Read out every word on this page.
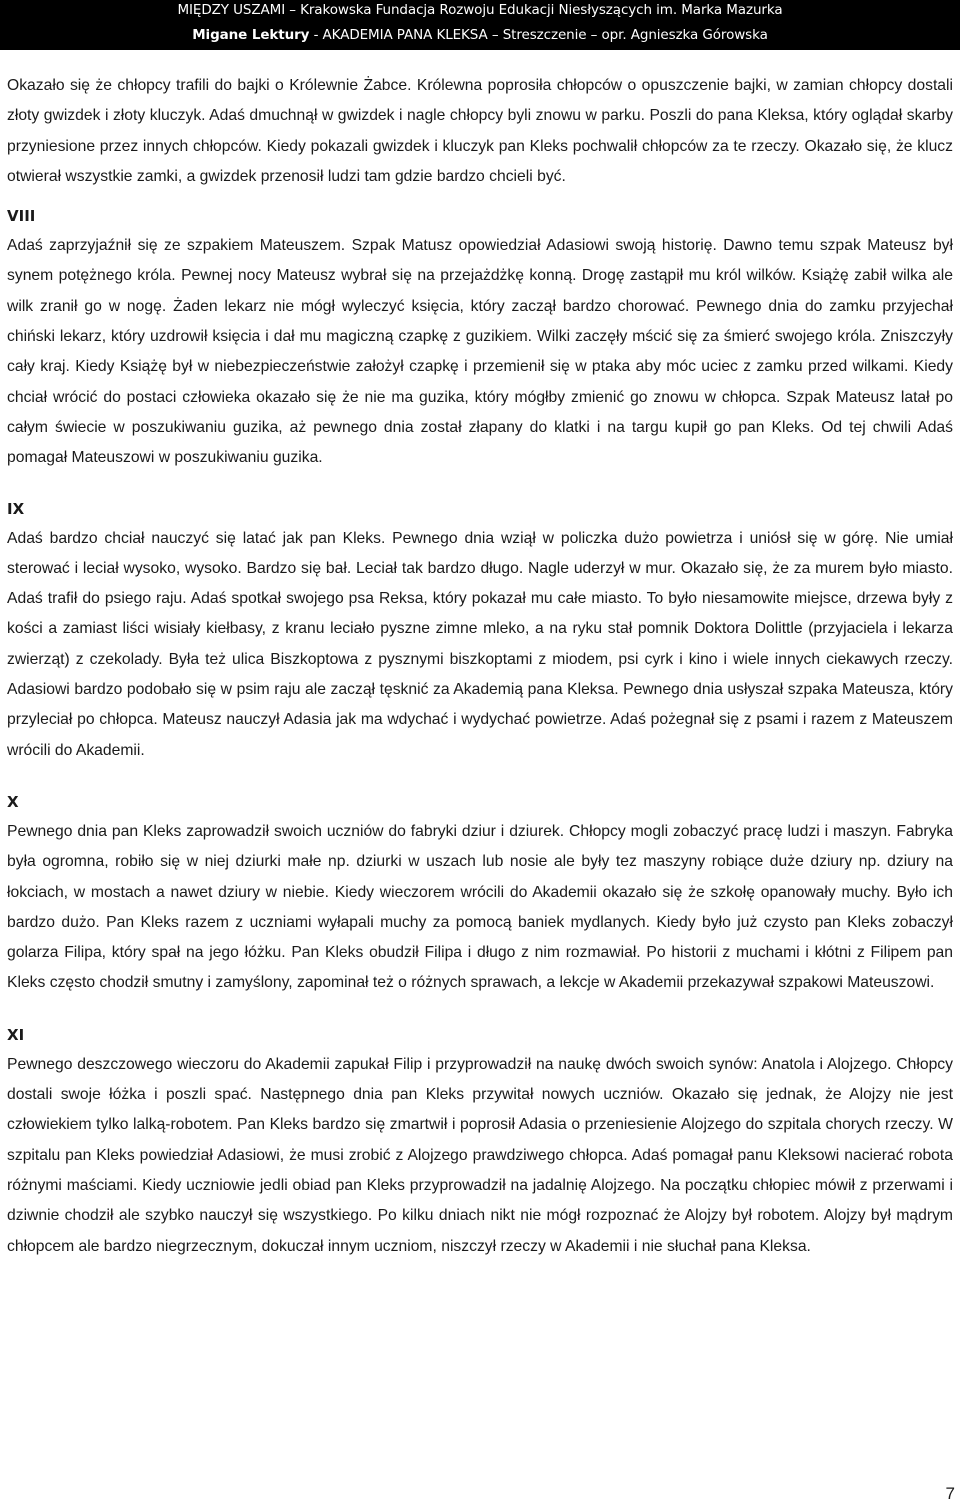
MIĘDZY USZAMI – Krakowska Fundacja Rozwoju Edukacji Niesłyszących im. Marka Mazurka
Migane Lektury - AKADEMIA PANA KLEKSA – Streszczenie – opr. Agnieszka Górowska

Okazało się że chłopcy trafili do bajki o Królewnie Żabce. Królewna poprosiła chłopców o opuszczenie bajki, w zamian chłopcy dostali złoty gwizdek i złoty kluczyk. Adaś dmuchnął w gwizdek i nagle chłopcy byli znowu w parku. Poszli do pana Kleksa, który oglądał skarby przyniesione przez innych chłopców. Kiedy pokazali gwizdek i kluczyk pan Kleks pochwalił chłopców za te rzeczy. Okazało się, że klucz otwierał wszystkie zamki, a gwizdek przenosił ludzi tam gdzie bardzo chcieli być.

VIII

Adaś zaprzyjaźnił się ze szpakiem Mateuszem. Szpak Matusz opowiedział Adasiowi swoją historię. Dawno temu szpak Mateusz był synem potężnego króla. Pewnej nocy Mateusz wybrał się na przejażdżkę konną. Drogę zastąpił mu król wilków. Książę zabił wilka ale wilk zranił go w nogę. Żaden lekarz nie mógł wyleczyć księcia, który zaczął bardzo chorować. Pewnego dnia do zamku przyjechał chiński lekarz, który uzdrowił księcia i dał mu magiczną czapkę z guzikiem. Wilki zaczęły mścić się za śmierć swojego króla. Zniszczyły cały kraj. Kiedy Książę był w niebezpieczeństwie założył czapkę i przemienił się w ptaka aby móc uciec z zamku przed wilkami. Kiedy chciał wrócić do postaci człowieka okazało się że nie ma guzika, który mógłby zmienić go znowu w chłopca. Szpak Mateusz latał po całym świecie w poszukiwaniu guzika, aż pewnego dnia został złapany do klatki i na targu kupił go pan Kleks. Od tej chwili Adaś pomagał Mateuszowi w poszukiwaniu guzika.

IX

Adaś bardzo chciał nauczyć się latać jak pan Kleks. Pewnego dnia wziął w policzka dużo powietrza i uniósł się w górę. Nie umiał sterować i leciał wysoko, wysoko. Bardzo się bał. Leciał tak bardzo długo. Nagle uderzył w mur. Okazało się, że za murem było miasto. Adaś trafił do psiego raju. Adaś spotkał swojego psa Reksa, który pokazał mu całe miasto. To było niesamowite miejsce, drzewa były z kości a zamiast liści wisiały kiełbasy, z kranu leciało pyszne zimne mleko, a na ryku stał pomnik Doktora Dolittle (przyjaciela i lekarza zwierząt) z czekolady. Była też ulica Biszkoptowa z pysznymi biszkoptami z miodem, psi cyrk i kino i wiele innych ciekawych rzeczy. Adasiowi bardzo podobało się w psim raju ale zaczął tęsknić za Akademią pana Kleksa. Pewnego dnia usłyszał szpaka Mateusza, który przyleciał po chłopca. Mateusz nauczył Adasia jak ma wdychać i wydychać powietrze. Adaś pożegnał się z psami i razem z Mateuszem wrócili do Akademii.

X

Pewnego dnia pan Kleks zaprowadził swoich uczniów do fabryki dziur i dziurek. Chłopcy mogli zobaczyć pracę ludzi i maszyn. Fabryka była ogromna, robiło się w niej dziurki małe np. dziurki w uszach lub nosie ale były tez maszyny robiące duże dziury np. dziury na łokciach, w mostach a nawet dziury w niebie. Kiedy wieczorem wrócili do Akademii okazało się że szkołę opanowały muchy. Było ich bardzo dużo. Pan Kleks razem z uczniami wyłapali muchy za pomocą baniek mydlanych. Kiedy było już czysto pan Kleks zobaczył golarza Filipa, który spał na jego łóżku. Pan Kleks obudził Filipa i długo z nim rozmawiał. Po historii z muchami i kłótni z Filipem pan Kleks często chodził smutny i zamyślony, zapominał też o różnych sprawach, a lekcje w Akademii przekazywał szpakowi Mateuszowi.

XI

Pewnego deszczowego wieczoru do Akademii zapukał Filip i przyprowadził na naukę dwóch swoich synów: Anatola i Alojzego. Chłopcy dostali swoje łóżka i poszli spać. Następnego dnia pan Kleks przywitał nowych uczniów. Okazało się jednak, że Alojzy nie jest człowiekiem tylko lalką-robotem. Pan Kleks bardzo się zmartwił i poprosił Adasia o przeniesienie Alojzego do szpitala chorych rzeczy. W szpitalu pan Kleks powiedział Adasiowi, że musi zrobić z Alojzego prawdziwego chłopca. Adaś pomagał panu Kleksowi nacierać robota różnymi maściami. Kiedy uczniowie jedli obiad pan Kleks przyprowadził na jadalnię Alojzego. Na początku chłopiec mówił z przerwami i dziwnie chodził ale szybko nauczył się wszystkiego. Po kilku dniach nikt nie mógł rozpoznać że Alojzy był robotem. Alojzy był mądrym chłopcem ale bardzo niegrzecznym, dokuczał innym uczniom, niszczył rzeczy w Akademii i nie słuchał pana Kleksa.

7
